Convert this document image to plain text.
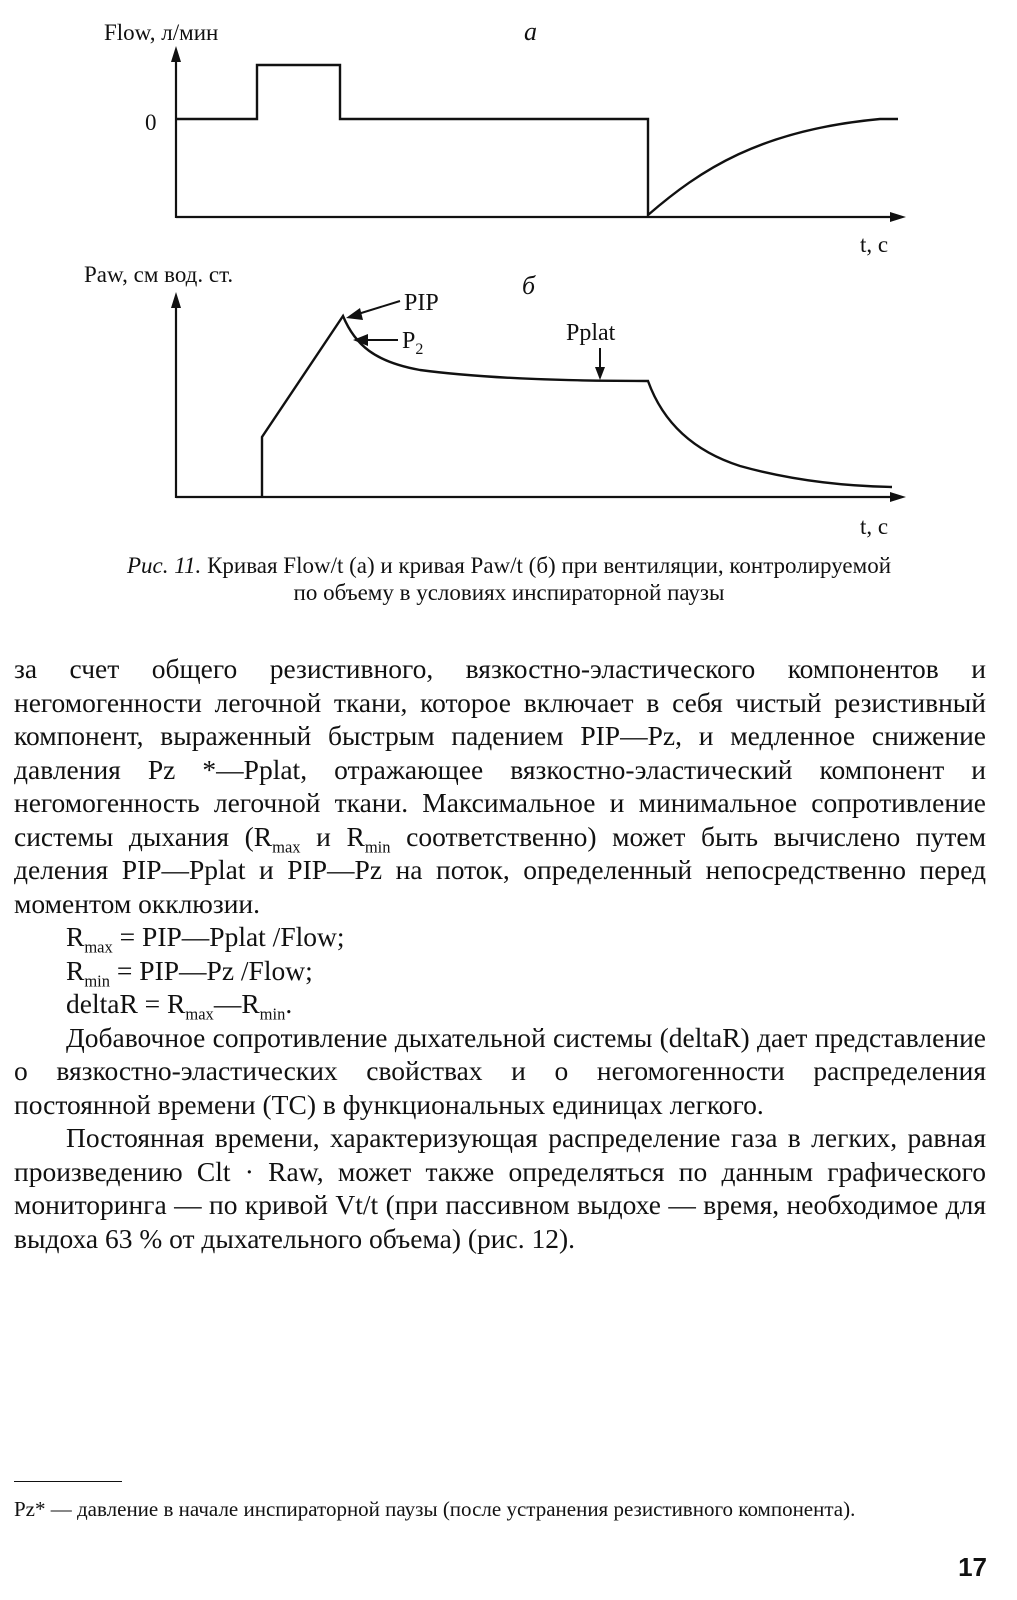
Flow, л/мин	a
0
t, c
Paw, см вод. ст.	б
t, c
PIP
$P_2$
Pplat
Рис. 11. Кривая Flow/t (а) и кривая Paw/t (б) при вентиляции, контролируемой
по объему в условиях инспираторной паузы

за счет общего резистивного, вязкостно-эластического компонентов и негомогенности легочной ткани, которое включает в себя чистый резистивный компонент, выраженный быстрым падением PIP—Pz, и медленное снижение давления Pz *—Pplat, отражающее вязкостно-эластический компонент и негомогенность легочной ткани. Максимальное и минимальное сопротивление системы дыхания ($R_{max}$ и $R_{min}$ соответственно) может быть вычислено путем деления PIP—Pplat и PIP—Pz на поток, определенный непосредственно перед моментом окклюзии.

$R_{max}$ = PIP—Pplat /Flow;

$R_{min}$ = PIP—Pz /Flow;

deltaR = $R_{max}—R_{min}$.

Добавочное сопротивление дыхательной системы (deltaR) дает представление о вязкостно-эластических свойствах и о негомогенности распределения постоянной времени (TC) в функциональных единицах легкого.

Постоянная времени, характеризующая распределение газа в легких, равная произведению Clt · Raw, может также определяться по данным графического мониторинга — по кривой Vt/t (при пассивном выдохе — время, необходимое для выдоха 63 % от дыхательного объема) (рис. 12).

Pz* — давление в начале инспираторной паузы (после устранения резистивного компонента).
17
